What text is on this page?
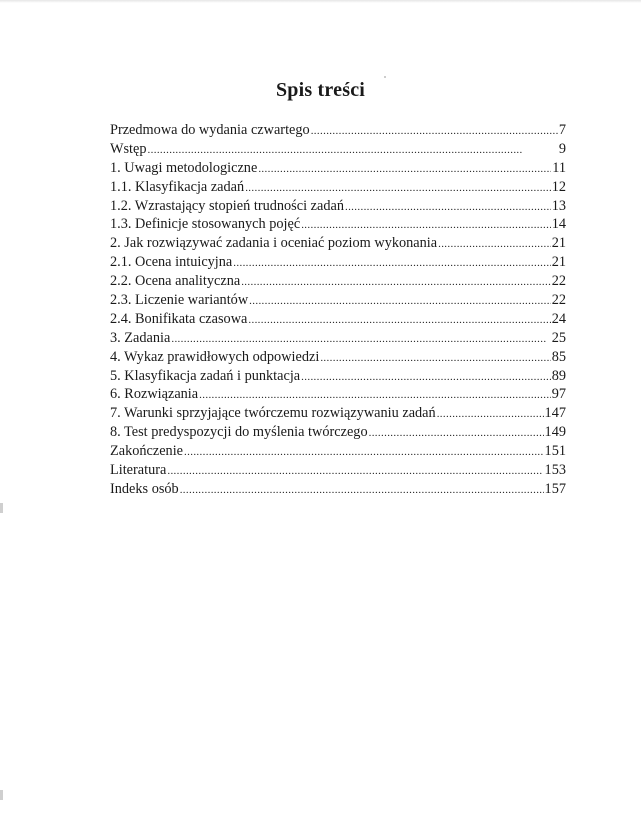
Spis treści
Przedmowa do wydania czwartego . . .	7
Wstęp . . .	9
1. Uwagi metodologiczne . . .	11
1.1. Klasyfikacja zadań . . .	12
1.2. Wzrastający stopień trudności zadań . . .	13
1.3. Definicje stosowanych pojęć . . .	14
2. Jak rozwiązywać zadania i oceniać poziom wykonania . . .	21
2.1. Ocena intuicyjna . . .	21
2.2. Ocena analityczna . . .	22
2.3. Liczenie wariantów . . .	22
2.4. Bonifikata czasowa . . .	24
3. Zadania . . .	25
4. Wykaz prawidłowych odpowiedzi . . .	85
5. Klasyfikacja zadań i punktacja . . .	89
6. Rozwiązania . . .	97
7. Warunki sprzyjające twórczemu rozwiązywaniu zadań . . .	147
8. Test predyspozycji do myślenia twórczego . . .	149
Zakończenie . . .	151
Literatura . . .	153
Indeks osób . . .	157
